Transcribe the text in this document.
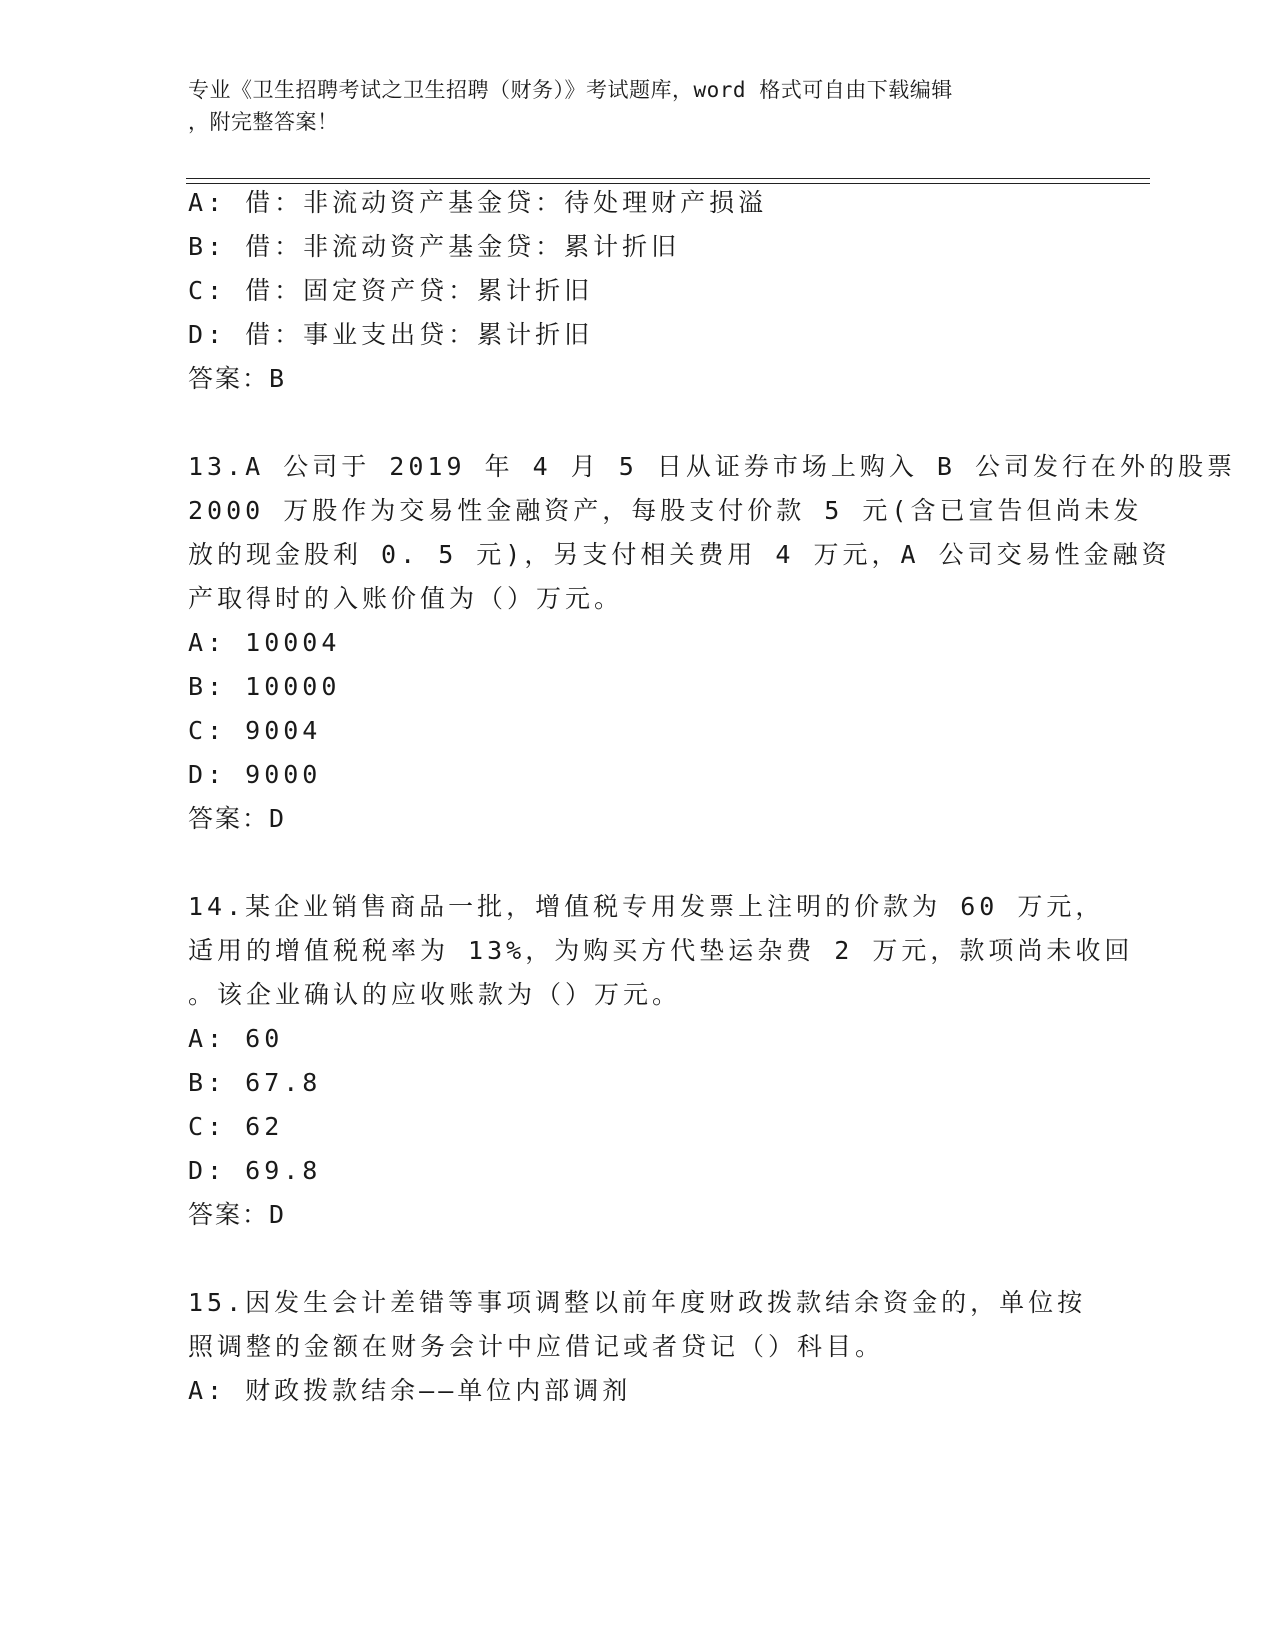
专业《卫生招聘考试之卫生招聘（财务）》考试题库，word 格式可自由下载编辑
，附完整答案！
A: 借：非流动资产基金贷：待处理财产损溢
B: 借：非流动资产基金贷：累计折旧
C: 借：固定资产贷：累计折旧
D: 借：事业支出贷：累计折旧
答案：B
13.A 公司于 2019 年 4 月 5 日从证券市场上购入 B 公司发行在外的股票
2000 万股作为交易性金融资产，每股支付价款 5 元(含已宣告但尚未发
放的现金股利 0. 5 元)，另支付相关费用 4 万元，A 公司交易性金融资
产取得时的入账价值为（）万元。
A: 10004
B: 10000
C: 9004
D: 9000
答案：D
14.某企业销售商品一批，增值税专用发票上注明的价款为 60 万元，
适用的增值税税率为 13%，为购买方代垫运杂费 2 万元，款项尚未收回
。该企业确认的应收账款为（）万元。
A: 60
B: 67.8
C: 62
D: 69.8
答案：D
15.因发生会计差错等事项调整以前年度财政拨款结余资金的，单位按
照调整的金额在财务会计中应借记或者贷记（）科目。
A: 财政拨款结余——单位内部调剂
